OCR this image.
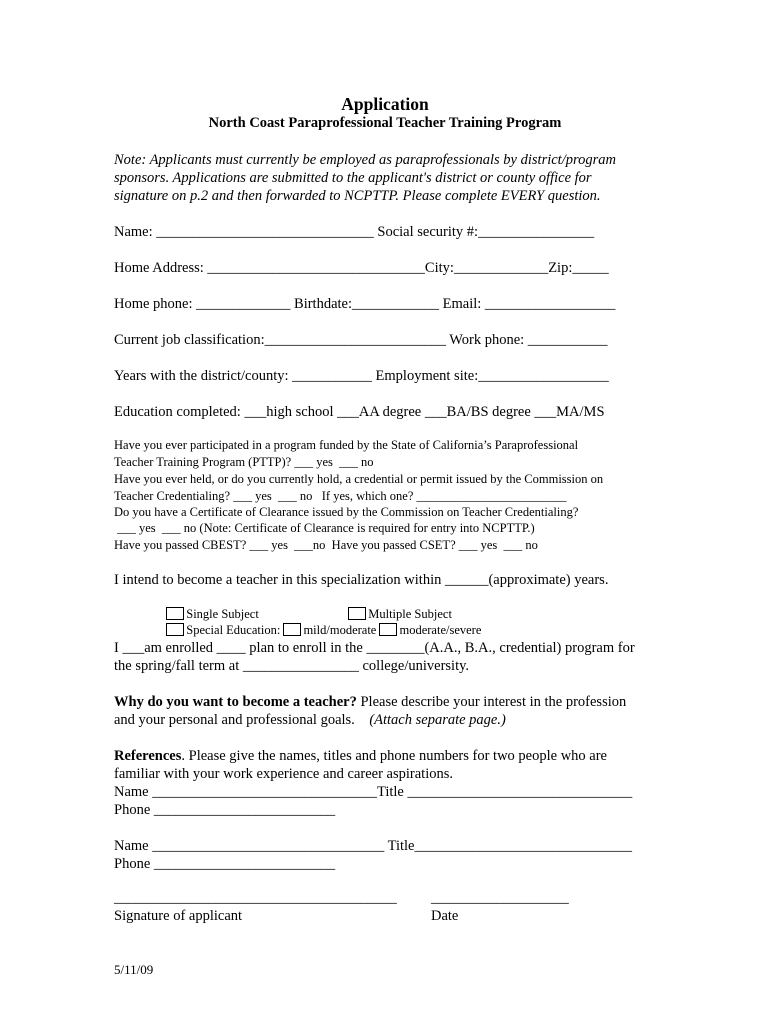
Application
North Coast Paraprofessional Teacher Training Program
Note: Applicants must currently be employed as paraprofessionals by district/program
sponsors. Applications are submitted to the applicant's district or county office for
signature on p.2 and then forwarded to NCPTTP. Please complete EVERY question.
Name: ______________________________ Social security #:________________
Home Address: ______________________________City:_____________Zip:_____
Home phone: _____________ Birthdate:____________ Email: __________________
Current job classification:_________________________ Work phone: ___________
Years with the district/county: ___________ Employment site:__________________
Education completed: ___high school ___AA degree ___BA/BS degree ___MA/MS
Have you ever participated in a program funded by the State of California’s Paraprofessional
Teacher Training Program (PTTP)? ___ yes  ___ no
Have you ever held, or do you currently hold, a credential or permit issued by the Commission on
Teacher Credentialing? ___ yes  ___ no   If yes, which one? ________________________
Do you have a Certificate of Clearance issued by the Commission on Teacher Credentialing?
___ yes  ___ no (Note: Certificate of Clearance is required for entry into NCPTTP.)
Have you passed CBEST? ___ yes  ___no  Have you passed CSET? ___ yes  ___ no
I intend to become a teacher in this specialization within ______(approximate) years.

Single Subject	Multiple Subject

Special Education: mild/moderate moderate/severe

I ___am enrolled ____ plan to enroll in the ________(A.A., B.A., credential) program for
the spring/fall term at ________________ college/university.
Why do you want to become a teacher? Please describe your interest in the profession
and your personal and professional goals.    (Attach separate page.)
References. Please give the names, titles and phone numbers for two people who are
familiar with your work experience and career aspirations.
Name _______________________________Title _______________________________
Phone _________________________
Name ________________________________ Title______________________________
Phone _________________________
_______________________________________ ___________________
Signature of applicant	Date
5/11/09
